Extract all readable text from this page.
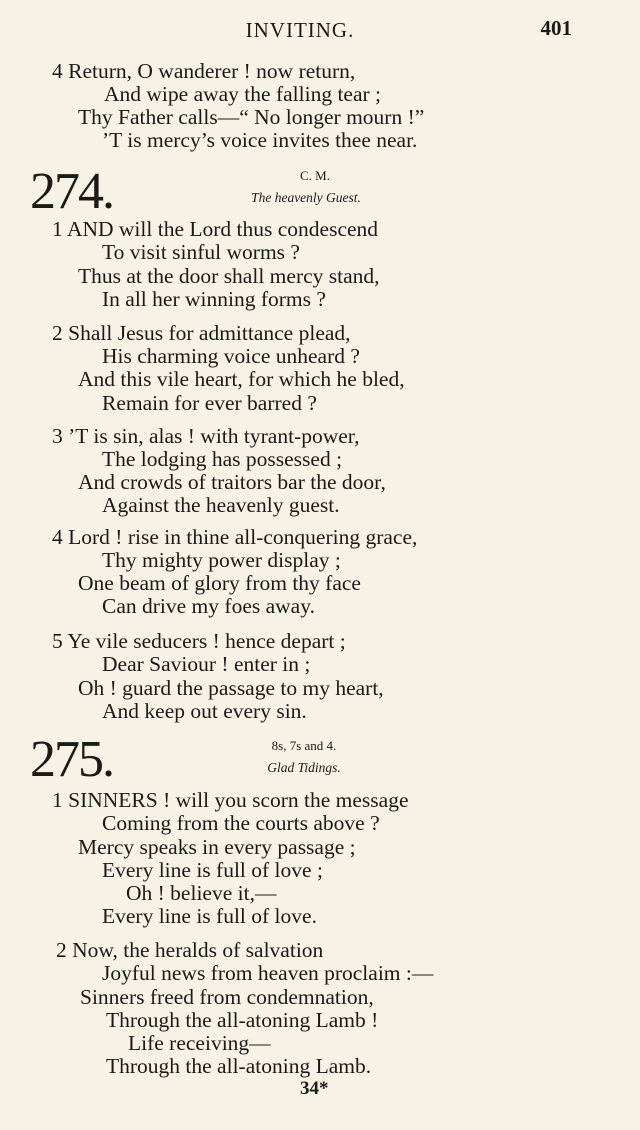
INVITING.	401
4 Return, O wanderer ! now return,
And wipe away the falling tear ;
Thy Father calls—“ No longer mourn !”
’T is mercy’s voice invites thee near.
274.	C. M.
The heavenly Guest.
1 AND will the Lord thus condescend
To visit sinful worms ?
Thus at the door shall mercy stand,
In all her winning forms ?
2 Shall Jesus for admittance plead,
His charming voice unheard ?
And this vile heart, for which he bled,
Remain for ever barred ?
3 ’T is sin, alas ! with tyrant-power,
The lodging has possessed ;
And crowds of traitors bar the door,
Against the heavenly guest.
4 Lord ! rise in thine all-conquering grace,
Thy mighty power display ;
One beam of glory from thy face
Can drive my foes away.
5 Ye vile seducers ! hence depart ;
Dear Saviour ! enter in ;
Oh ! guard the passage to my heart,
And keep out every sin.
275.	8s, 7s and 4.
Glad Tidings.
1 SINNERS ! will you scorn the message
Coming from the courts above ?
Mercy speaks in every passage ;
Every line is full of love ;
Oh ! believe it,—
Every line is full of love.
2 Now, the heralds of salvation
Joyful news from heaven proclaim :—
Sinners freed from condemnation,
Through the all-atoning Lamb !
Life receiving—
Through the all-atoning Lamb.
34*
